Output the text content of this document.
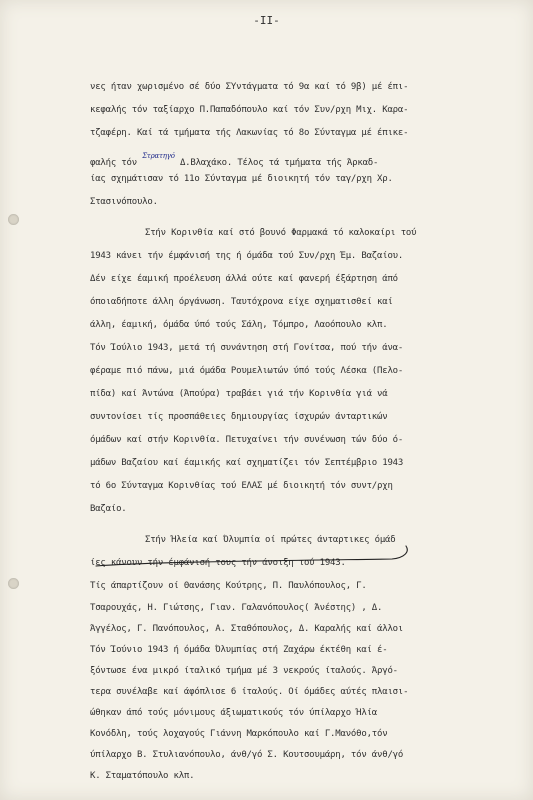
-II-
νες ήταν χωρισμένο σέ δύο ΣΥντάγματα τό 9α καί τό 9β) μέ έπι-
κεφαλής τόν ταξίαρχο Π.Παπαδόπουλο καί τόν Συν/ρχη Μιχ. Καρα-
τζαφέρη. Καί τά τμήματα τής Λακωνίας τό 8ο Σύνταγμα μέ έπικε-
φαλής τόν $^{\Sigma\tau\rho\alpha\tau\eta\gamma ό}$ Δ.Βλαχάκο. Τέλος τά τμήματα τής Άρκαδ-
ίας σχημάτισαν τό 11ο Σύνταγμα μέ διοικητή τόν ταγ/ρχη Χρ.
Στασινόπουλο.
Στήν Κορινθία καί στό βουνό Φαρμακά τό καλοκαίρι τού
1943 κάνει τήν έμφάνισή της ή όμάδα τού Συν/ρχη Έμ. Βαζαίου.
Δέν είχε έαμική προέλευση άλλά ούτε καί φανερή έξάρτηση άπό
όποιαδήποτε άλλη όργάνωση. Ταυτόχρονα είχε σχηματισθεί καί
άλλη, έαμική, όμάδα ύπό τούς Σάλη, Τόμπρο, Λαοόπουλο κλπ.
Τόν Ίούλιο 1943, μετά τή συνάντηση στή Γονίτσα, πού τήν άνα-
φέραμε πιό πάνω, μιά όμάδα Ρουμελιωτών ύπό τούς Λέσκα (Πελο-
πίδα) καί Άντώνα (Άπούρα) τραβάει γιά τήν Κορινθία γιά νά
συντονίσει τίς προσπάθειες δημιουργίας ίσχυρών άνταρτικών
όμάδων καί στήν Κορινθία. Πετυχαίνει τήν συνένωση τών δύο ό-
μάδων Βαζαίου καί έαμικής καί σχηματίζει τόν Σεπτέμβριο 1943
τό 6ο Σύνταγμα Κορινθίας τού ΕΛΑΣ μέ διοικητή τόν συντ/ρχη
Βαζαίο.
Στήν Ήλεία καί Όλυμπία οί πρώτες άνταρτικες όμάδ
ίες κάνουν τήν έμφάνισή τους τήν άνοιξη τού 1943.
Τίς άπαρτίζουν οί Θανάσης Κούτρης, Π. Παυλόπουλος, Γ.
Τσαρουχάς, Η. Γιώτσης, Γιαν. Γαλανόπουλος( Άνέστης) , Δ.
Άγγέλος, Γ. Πανόπουλος, Α. Σταθόπουλος, Δ. Καραλής καί άλλοι
Τόν Ίούνιο 1943 ή όμάδα Όλυμπίας στή Ζαχάρω έκτέθη καί έ-
ξόντωσε ένα μικρό ίταλικό τμήμα μέ 3 νεκρούς ίταλούς. Άργό-
τερα συνέλαβε καί άφόπλισε 6 ίταλούς. Οί όμάδες αύτές πλαισι-
ώθηκαν άπό τούς μόνιμους άξιωματικούς τόν ύπίλαρχο Ήλία
Κονόδλη, τούς λοχαγούς Γιάννη Μαρκόπουλο καί Γ.Μανόθο,τόν
ύπίλαρχο Β. Στυλιανόπουλο, άνθ/γό Σ. Κουτσουμάρη, τόν άνθ/γό
Κ. Σταματόπουλο κλπ.
